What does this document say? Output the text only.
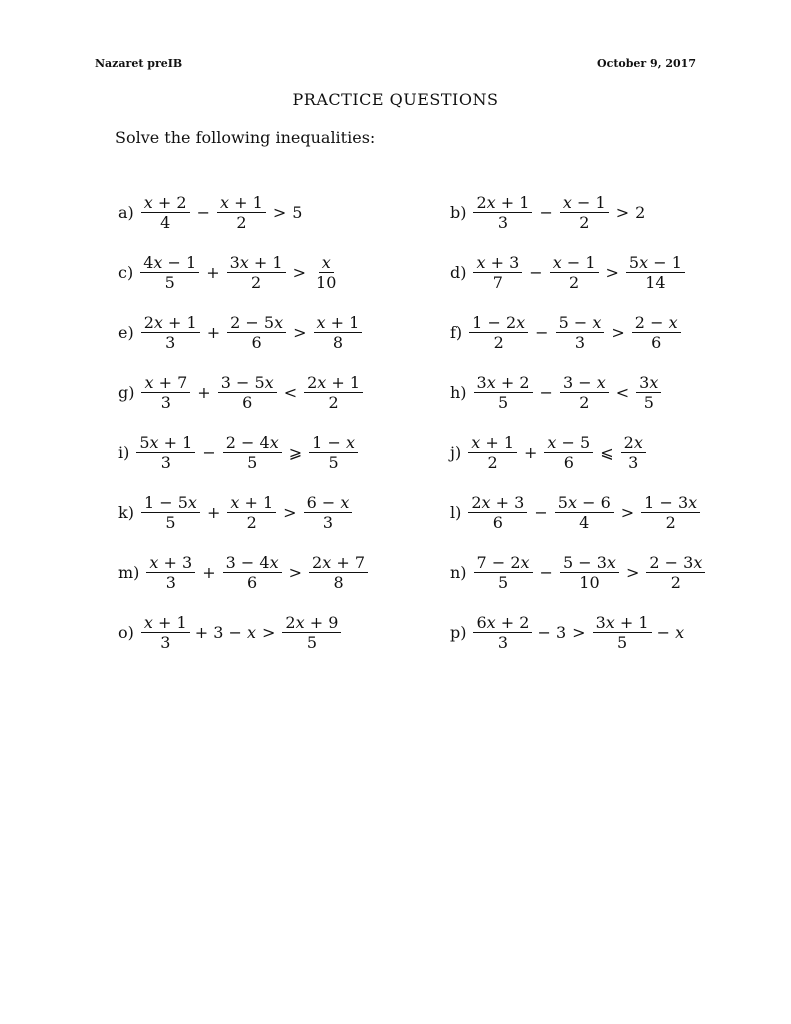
Nazaret preIB	October 9, 2017
PRACTICE QUESTIONS
Solve the following inequalities:
$a) \frac{x + 2}{4} - \frac{x + 1}{2} > 5$	$b) \frac{2x + 1}{3} - \frac{x - 1}{2} > 2$
$c) \frac{4x - 1}{5} + \frac{3x + 1}{2} > \frac{x}{10}$	$d) \frac{x + 3}{7} - \frac{x - 1}{2} > \frac{5x - 1}{14}$
$e) \frac{2x + 1}{3} + \frac{2 - 5x}{6} > \frac{x + 1}{8}$	$f) \frac{1 - 2x}{2} - \frac{5 - x}{3} > \frac{2 - x}{6}$
$g) \frac{x + 7}{3} + \frac{3 - 5x}{6} < \frac{2x + 1}{2}$	$h) \frac{3x + 2}{5} - \frac{3 - x}{2} < \frac{3x}{5}$
$i) \frac{5x + 1}{3} - \frac{2 - 4x}{5}$ ⩾ $\frac{1 - x}{5}$	$j) \frac{x + 1}{2} + \frac{x - 5}{6}$ ⩽ $\frac{2x}{3}$
$k) \frac{1 - 5x}{5} + \frac{x + 1}{2} > \frac{6 - x}{3}$	$l) \frac{2x + 3}{6} - \frac{5x - 6}{4} > \frac{1 - 3x}{2}$
$m) \frac{x + 3}{3} + \frac{3 - 4x}{6} > \frac{2x + 7}{8}$	$n) \frac{7 - 2x}{5} - \frac{5 - 3x}{10} > \frac{2 - 3x}{2}$
$o) \frac{x + 1}{3} + 3 - x > \frac{2x + 9}{5}$	$p) \frac{6x + 2}{3} - 3 > \frac{3x + 1}{5} - x$
